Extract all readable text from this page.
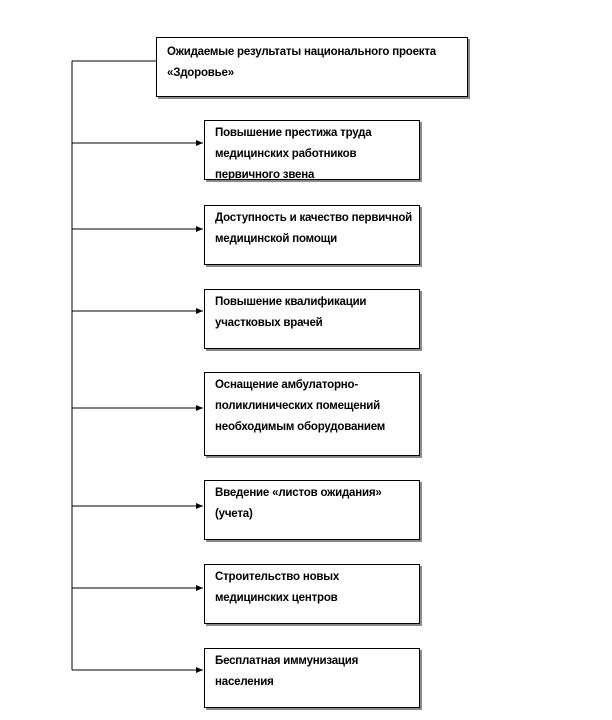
Ожидаемые результаты национального проекта «Здоровье»
Повышение престижа труда медицинских работников первичного звена
Доступность и качество первичной медицинской помощи
Повышение квалификации участковых врачей
Оснащение амбулаторно-поликлинических помещений необходимым оборудованием
Введение «листов ожидания» (учета)
Строительство новых медицинских центров
Бесплатная иммунизация населения
